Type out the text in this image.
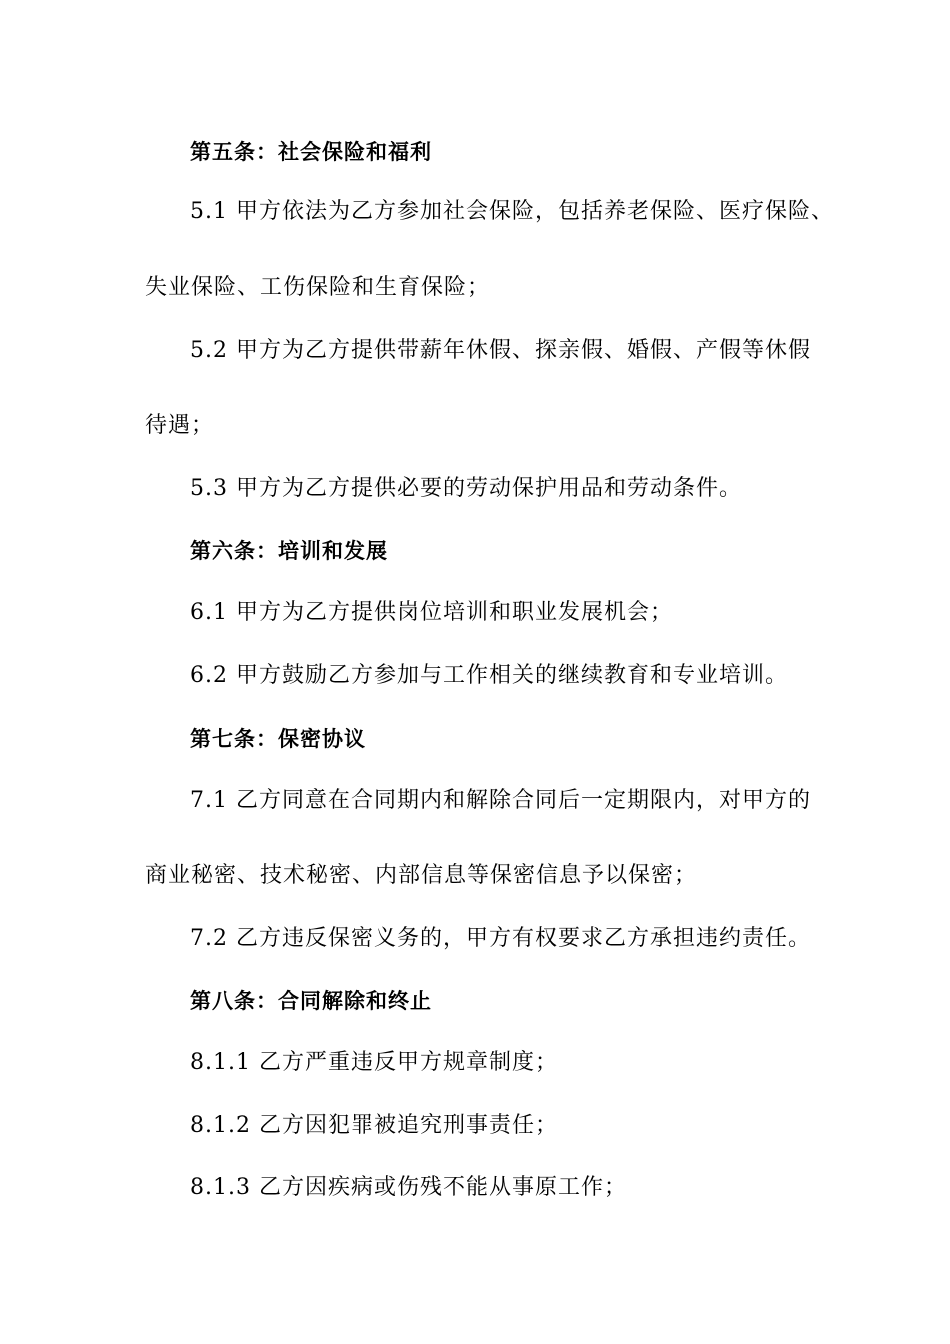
第五条：社会保险和福利
5.1 甲方依法为乙方参加社会保险，包括养老保险、医疗保险、
失业保险、工伤保险和生育保险；
5.2 甲方为乙方提供带薪年休假、探亲假、婚假、产假等休假
待遇；
5.3 甲方为乙方提供必要的劳动保护用品和劳动条件。
第六条：培训和发展
6.1 甲方为乙方提供岗位培训和职业发展机会；
6.2 甲方鼓励乙方参加与工作相关的继续教育和专业培训。
第七条：保密协议
7.1 乙方同意在合同期内和解除合同后一定期限内，对甲方的
商业秘密、技术秘密、内部信息等保密信息予以保密；
7.2 乙方违反保密义务的，甲方有权要求乙方承担违约责任。
第八条：合同解除和终止
8.1.1 乙方严重违反甲方规章制度；
8.1.2 乙方因犯罪被追究刑事责任；
8.1.3 乙方因疾病或伤残不能从事原工作；
